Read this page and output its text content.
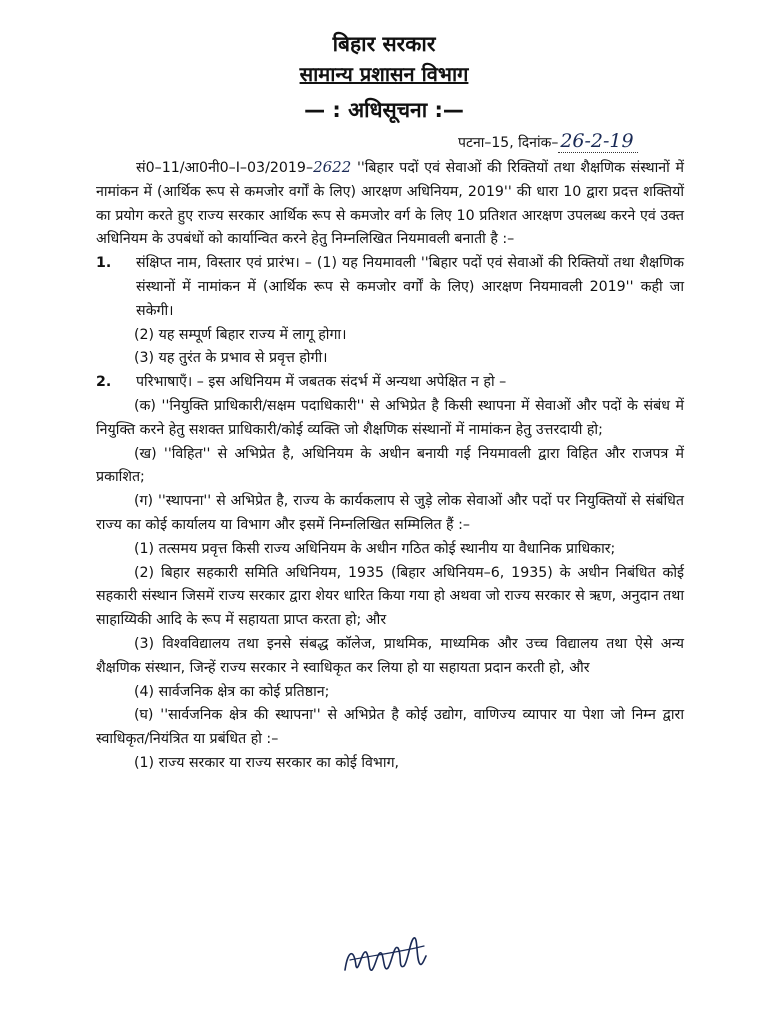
बिहार सरकार
सामान्य प्रशासन विभाग
— : अधिसूचना :—
पटना–15, दिनांक– 26-2-19

सं0–11/आ0नी0–I–03/2019–2622 ''बिहार पदों एवं सेवाओं की रिक्तियों तथा शैक्षणिक संस्थानों में नामांकन में (आर्थिक रूप से कमजोर वर्गों के लिए) आरक्षण अधिनियम, 2019'' की धारा 10 द्वारा प्रदत्त शक्तियों का प्रयोग करते हुए राज्य सरकार आर्थिक रूप से कमजोर वर्ग के लिए 10 प्रतिशत आरक्षण उपलब्ध करने एवं उक्त अधिनियम के उपबंधों को कार्यान्वित करने हेतु निम्नलिखित नियमावली बनाती है :–

1.	संक्षिप्त नाम, विस्तार एवं प्रारंभ। – (1) यह नियमावली ''बिहार पदों एवं सेवाओं की रिक्तियों तथा शैक्षणिक संस्थानों में नामांकन में (आर्थिक रूप से कमजोर वर्गों के लिए) आरक्षण नियमावली 2019'' कही जा सकेगी।

(2) यह सम्पूर्ण बिहार राज्य में लागू होगा।

(3) यह तुरंत के प्रभाव से प्रवृत्त होगी।

2.	परिभाषाएँ। – इस अधिनियम में जबतक संदर्भ में अन्यथा अपेक्षित न हो –

(क) ''नियुक्ति प्राधिकारी/सक्षम पदाधिकारी'' से अभिप्रेत है किसी स्थापना में सेवाओं और पदों के संबंध में नियुक्ति करने हेतु सशक्त प्राधिकारी/कोई व्यक्ति जो शैक्षणिक संस्थानों में नामांकन हेतु उत्तरदायी हो;

(ख) ''विहित'' से अभिप्रेत है, अधिनियम के अधीन बनायी गई नियमावली द्वारा विहित और राजपत्र में प्रकाशित;

(ग) ''स्थापना'' से अभिप्रेत है, राज्य के कार्यकलाप से जुड़े लोक सेवाओं और पदों पर नियुक्तियों से संबंधित राज्य का कोई कार्यालय या विभाग और इसमें निम्नलिखित सम्मिलित हैं :–

(1) तत्समय प्रवृत्त किसी राज्य अधिनियम के अधीन गठित कोई स्थानीय या वैधानिक प्राधिकार;

(2) बिहार सहकारी समिति अधिनियम, 1935 (बिहार अधिनियम–6, 1935) के अधीन निबंधित कोई सहकारी संस्थान जिसमें राज्य सरकार द्वारा शेयर धारित किया गया हो अथवा जो राज्य सरकार से ऋण, अनुदान तथा साहाय्यिकी आदि के रूप में सहायता प्राप्त करता हो; और

(3) विश्वविद्यालय तथा इनसे संबद्ध कॉलेज, प्राथमिक, माध्यमिक और उच्च विद्यालय तथा ऐसे अन्य शैक्षणिक संस्थान, जिन्हें राज्य सरकार ने स्वाधिकृत कर लिया हो या सहायता प्रदान करती हो, और

(4) सार्वजनिक क्षेत्र का कोई प्रतिष्ठान;

(घ) ''सार्वजनिक क्षेत्र की स्थापना'' से अभिप्रेत है कोई उद्योग, वाणिज्य व्यापार या पेशा जो निम्न द्वारा स्वाधिकृत/नियंत्रित या प्रबंधित हो :–

(1) राज्य सरकार या राज्य सरकार का कोई विभाग,
